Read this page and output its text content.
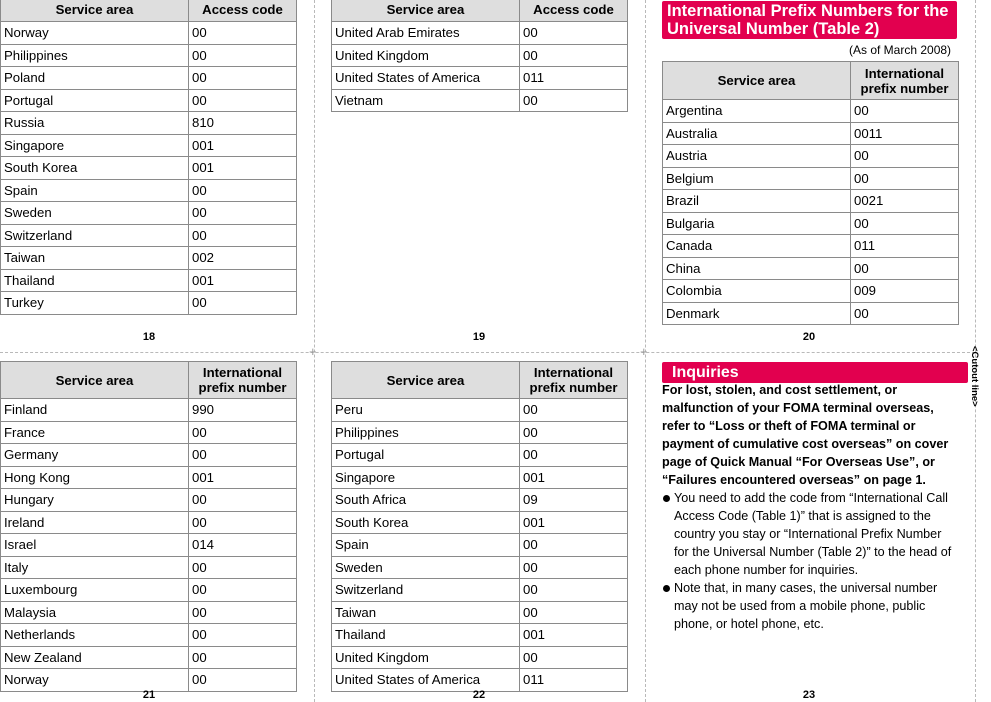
+	+	<Cutout line>
Service area	Access code
Norway	00
Philippines	00
Poland	00
Portugal	00
Russia	810
Singapore	001
South Korea	001
Spain	00
Sweden	00
Switzerland	00
Taiwan	002
Thailand	001
Turkey	00
18
Service area	Access code
United Arab Emirates	00
United Kingdom	00
United States of America	011
Vietnam	00
19
International Prefix Numbers for the Universal Number (Table 2)
(As of March 2008)
Service area	International prefix number
Argentina	00
Australia	0011
Austria	00
Belgium	00
Brazil	0021
Bulgaria	00
Canada	011
China	00
Colombia	009
Denmark	00
20
Service area	International prefix number
Finland	990
France	00
Germany	00
Hong Kong	001
Hungary	00
Ireland	00
Israel	014
Italy	00
Luxembourg	00
Malaysia	00
Netherlands	00
New Zealand	00
Norway	00
21
Service area	International prefix number
Peru	00
Philippines	00
Portugal	00
Singapore	001
South Africa	09
South Korea	001
Spain	00
Sweden	00
Switzerland	00
Taiwan	00
Thailand	001
United Kingdom	00
United States of America	011
22
Inquiries
For lost, stolen, and cost settlement, or malfunction of your FOMA terminal overseas, refer to “Loss or theft of FOMA terminal or payment of cumulative cost overseas” on cover page of Quick Manual “For Overseas Use”, or “Failures encountered overseas” on page 1.
You need to add the code from “International Call Access Code (Table 1)” that is assigned to the country you stay or “International Prefix Number for the Universal Number (Table 2)” to the head of each phone number for inquiries.
Note that, in many cases, the universal number may not be used from a mobile phone, public phone, or hotel phone, etc.
23
